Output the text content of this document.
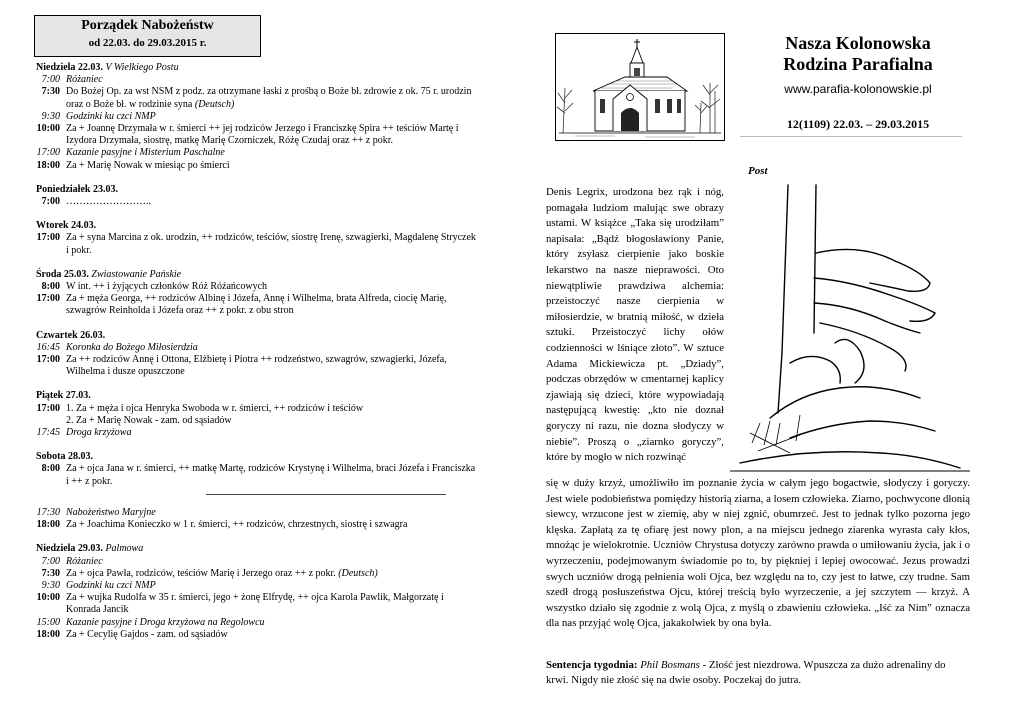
Porządek Nabożeństw
od 22.03. do 29.03.2015 r.
Niedziela 22.03. V Wielkiego Postu
7:00 Różaniec
7:30 Do Bożej Op. za wst NSM z podz. za otrzymane łaski z prośbą o Boże bł. zdrowie z ok. 75 r. urodzin oraz o Boże bł. w rodzinie syna (Deutsch)
9:30 Godzinki ku czci NMP
10:00 Za + Joannę Drzymała w r. śmierci ++ jej rodziców Jerzego i Franciszkę Spira ++ teściów Martę i Izydora Drzymała, siostrę, matkę Marię Czorniczek, Różę Czudaj oraz ++ z pokr.
17:00 Kazanie pasyjne i Misterium Paschalne
18:00 Za + Marię Nowak w miesiąc po śmierci
Poniedziałek 23.03.
7:00 ……………………..
Wtorek 24.03.
17:00 Za + syna Marcina z ok. urodzin, ++ rodziców, teściów, siostrę Irenę, szwagierki, Magdalenę Stryczek i pokr.
Środa 25.03. Zwiastowanie Pańskie
8:00 W int. ++ i żyjących członków Róż Różańcowych
17:00 Za + męża Georga, ++ rodziców Albinę i Józefa, Annę i Wilhelma, brata Alfreda, ciocię Marię, szwagrów Reinholda i Józefa oraz ++ z pokr. z obu stron
Czwartek 26.03.
16:45 Koronka do Bożego Miłosierdzia
17:00 Za ++ rodziców Annę i Ottona, Elżbietę i Piotra ++ rodzeństwo, szwagrów, szwagierki, Józefa, Wilhelma i dusze opuszczone
Piątek 27.03.
17:00 1. Za + męża i ojca Henryka Swoboda w r. śmierci, ++ rodziców i teściów
2. Za + Marię Nowak - zam. od sąsiadów
17:45 Droga krzyżowa
Sobota 28.03.
8:00 Za + ojca Jana w r. śmierci, ++ matkę Martę, rodziców Krystynę i Wilhelma, braci Józefa i Franciszka i ++ z pokr.
17:30 Nabożeństwo Maryjne
18:00 Za + Joachima Konieczko w 1 r. śmierci, ++ rodziców, chrzestnych, siostrę i szwagra
Niedziela 29.03. Palmowa
7:00 Różaniec
7:30 Za + ojca Pawła, rodziców, teściów Marię i Jerzego oraz ++ z pokr. (Deutsch)
9:30 Godzinki ku czci NMP
10:00 Za + wujka Rudolfa w 35 r. śmierci, jego + żonę Elfrydę, ++ ojca Karola Pawlik, Małgorzatę i Konrada Jancik
15:00 Kazanie pasyjne i Droga krzyżowa na Regolowcu
18:00 Za + Cecylię Gajdos - zam. od sąsiadów
Nasza Kolonowska
Rodzina Parafialna
www.parafia-kolonowskie.pl
12(1109) 22.03. – 29.03.2015
Post
Denis Legrix, urodzona bez rąk i nóg, pomagała ludziom malując swe obrazy ustami. W książce „Taka się urodziłam” napisała: „Bądź błogosławiony Panie, który zsyłasz cierpienie jako boskie lekarstwo na nasze nieprawości. Oto niewątpliwie prawdziwa alchemia: przeistoczyć nasze cierpienia w miłosierdzie, w bratnią miłość, w dzieła sztuki. Przeistoczyć lichy ołów codzienności w lśniące złoto”. W sztuce Adama Mickiewicza pt. „Dziady”, podczas obrzędów w cmentarnej kaplicy zjawiają się dzieci, które wypowiadają następującą kwestię: „kto nie doznał goryczy ni razu, nie dozna słodyczy w niebie”. Proszą o „ziarnko goryczy”, które by mogło w nich rozwinąć
się w duży krzyż, umożliwiło im poznanie życia w całym jego bogactwie, słodyczy i goryczy. Jest wiele podobieństwa pomiędzy historią ziarna, a losem człowieka. Ziarno, pochwycone dłonią siewcy, wrzucone jest w ziemię, aby w niej zgnić, obumrzeć. Jest to jednak tylko pozorna jego klęska. Zapłatą za tę ofiarę jest nowy plon, a na miejscu jednego ziarenka wyrasta cały kłos, mnożąc je wielokrotnie. Uczniów Chrystusa dotyczy zarówno prawda o umiłowaniu życia, jak i o wyrzeczeniu, podejmowanym świadomie po to, by piękniej i lepiej owocować. Jezus prowadzi swych uczniów drogą pełnienia woli Ojca, bez względu na to, czy jest to łatwe, czy trudne. Sam szedł drogą posłuszeństwa Ojcu, której treścią było wyrzeczenie, a jej szczytem — krzyż. A wszystko działo się zgodnie z wolą Ojca, z myślą o zbawieniu człowieka. „Iść za Nim” oznacza dla nas przyjąć wolę Ojca, jakakolwiek by ona była.
Sentencja tygodnia: Phil Bosmans - Złość jest niezdrowa. Wpuszcza za dużo adrenaliny do krwi. Nigdy nie złość się na dwie osoby. Poczekaj do jutra.
